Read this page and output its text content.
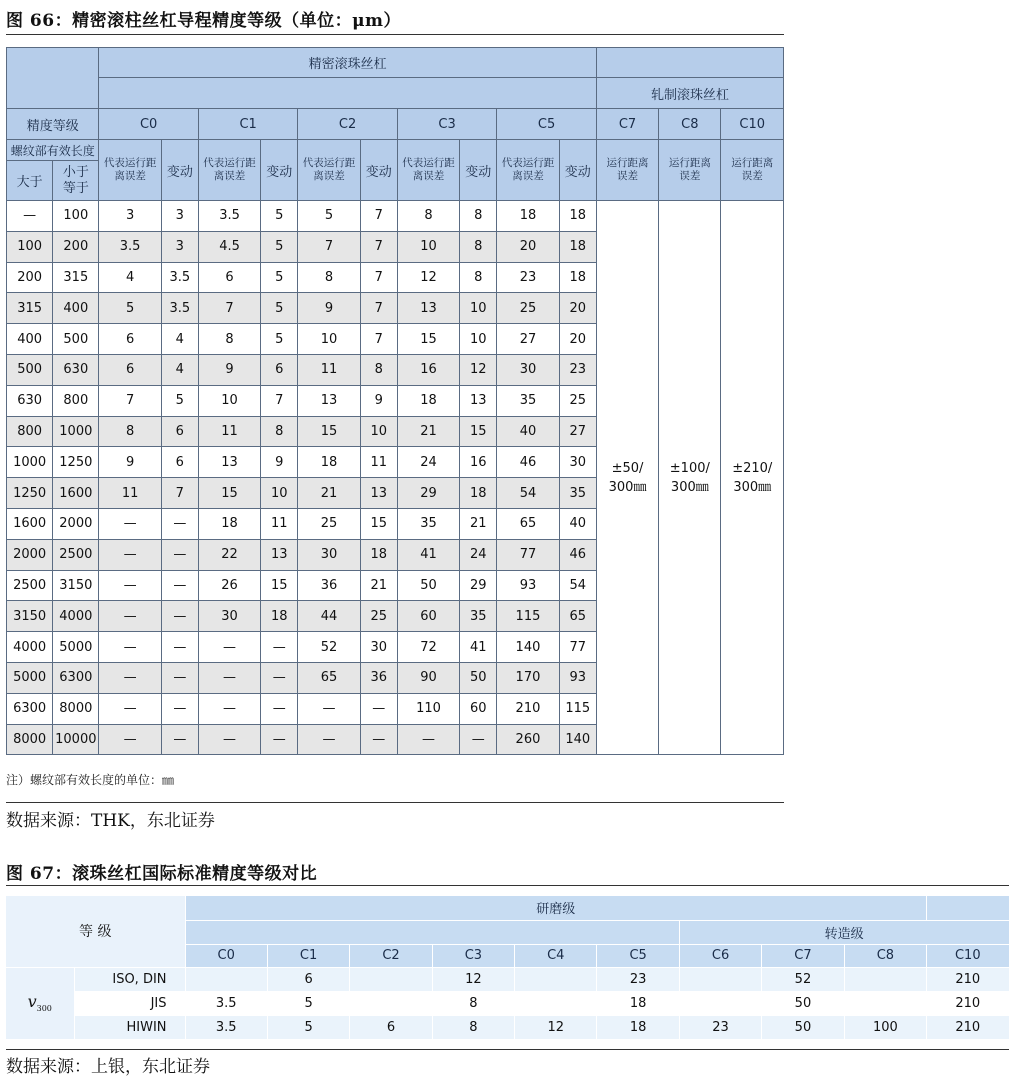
图 66：精密滚柱丝杠导程精度等级（单位：μm）
		精密滚珠丝杠												
												轧制滚珠丝杠		
精度等级		C0		C1		C2		C3		C5		C7	C8	C10
螺纹部有效长度		代表运行距离误差	变动	代表运行距离误差	变动	代表运行距离误差	变动	代表运行距离误差	变动	代表运行距离误差	变动	运行距离误差	运行距离误差	运行距离误差
大于	小于等于													
—	100	3	3	3.5	5	5	7	8	8	18	18	±50/ 300㎜	±100/ 300㎜	±210/ 300㎜
100	200	3.5	3	4.5	5	7	7	10	8	20	18			
200	315	4	3.5	6	5	8	7	12	8	23	18			
315	400	5	3.5	7	5	9	7	13	10	25	20			
400	500	6	4	8	5	10	7	15	10	27	20			
500	630	6	4	9	6	11	8	16	12	30	23			
630	800	7	5	10	7	13	9	18	13	35	25			
800	1000	8	6	11	8	15	10	21	15	40	27			
1000	1250	9	6	13	9	18	11	24	16	46	30			
1250	1600	11	7	15	10	21	13	29	18	54	35			
1600	2000	—	—	18	11	25	15	35	21	65	40			
2000	2500	—	—	22	13	30	18	41	24	77	46			
2500	3150	—	—	26	15	36	21	50	29	93	54			
3150	4000	—	—	30	18	44	25	60	35	115	65			
4000	5000	—	—	—	—	52	30	72	41	140	77			
5000	6300	—	—	—	—	65	36	90	50	170	93			
6300	8000	—	—	—	—	—	—	110	60	210	115			
8000	10000	—	—	—	—	—	—	—	—	260	140			
注）螺纹部有效长度的单位：㎜
数据来源：THK，东北证券
图 67：滚珠丝杠国际标准精度等级对比
等 级		研磨级									
								转造级			
		C0	C1	C2	C3	C4	C5	C6	C7	C8	C10
$v_{300}$	ISO, DIN		6		12		23		52		210
	JIS	3.5	5		8		18		50		210
	HIWIN	3.5	5	6	8	12	18	23	50	100	210
数据来源：上银，东北证券
